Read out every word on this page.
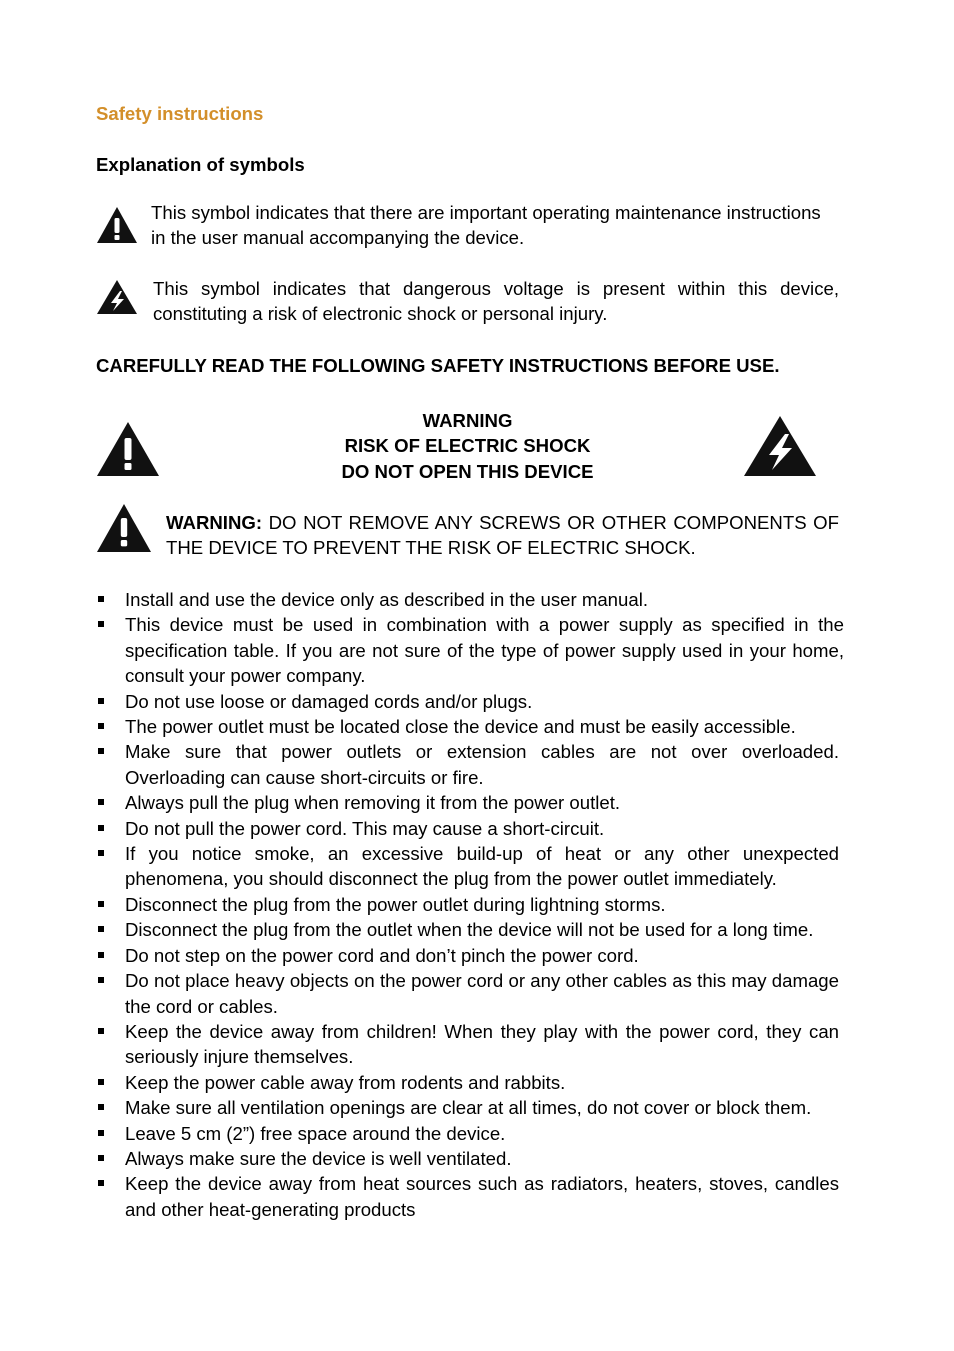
Safety instructions
Explanation of symbols
This symbol indicates that there are important operating maintenance instructions in the user manual accompanying the device.
This symbol indicates that dangerous voltage is present within this device, constituting a risk of electronic shock or personal injury.
CAREFULLY READ THE FOLLOWING SAFETY INSTRUCTIONS BEFORE USE.
WARNING
RISK OF ELECTRIC SHOCK
DO NOT OPEN THIS DEVICE
WARNING: DO NOT REMOVE ANY SCREWS OR OTHER COMPONENTS OF THE DEVICE TO PREVENT THE RISK OF ELECTRIC SHOCK.
Install and use the device only as described in the user manual.
This device must be used in combination with a power supply as specified in the specification table. If you are not sure of the type of power supply used in your home, consult your power company.
Do not use loose or damaged cords and/or plugs.
The power outlet must be located close the device and must be easily accessible.
Make sure that power outlets or extension cables are not over overloaded. Overloading can cause short-circuits or fire.
Always pull the plug when removing it from the power outlet.
Do not pull the power cord. This may cause a short-circuit.
If you notice smoke, an excessive build-up of heat or any other unexpected phenomena, you should disconnect the plug from the power outlet immediately.
Disconnect the plug from the power outlet during lightning storms.
Disconnect the plug from the outlet when the device will not be used for a long time.
Do not step on the power cord and don’t pinch the power cord.
Do not place heavy objects on the power cord or any other cables as this may damage the cord or cables.
Keep the device away from children! When they play with the power cord, they can seriously injure themselves.
Keep the power cable away from rodents and rabbits.
Make sure all ventilation openings are clear at all times, do not cover or block them.
Leave 5 cm (2”) free space around the device.
Always make sure the device is well ventilated.
Keep the device away from heat sources such as radiators, heaters, stoves, candles and other heat-generating products
